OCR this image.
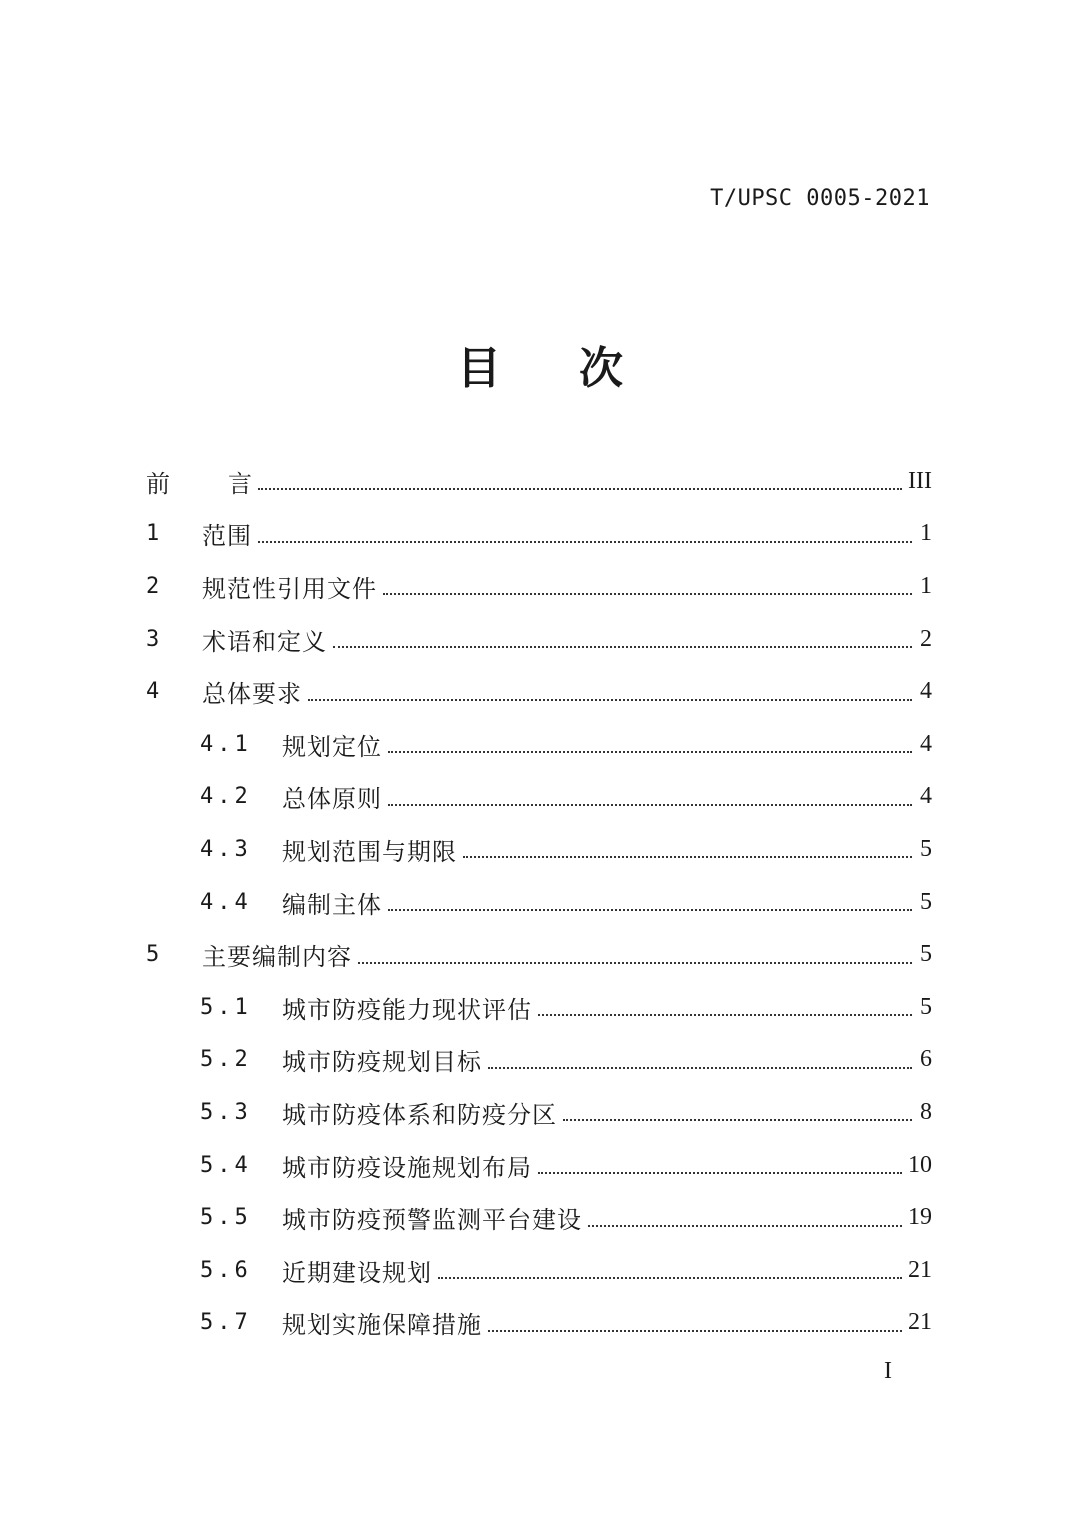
T/UPSC 0005-2021
目次
前言	III
1	范围	1
2	规范性引用文件	1
3	术语和定义	2
4	总体要求	4
4.1	规划定位	4
4.2	总体原则	4
4.3	规划范围与期限	5
4.4	编制主体	5
5	主要编制内容	5
5.1	城市防疫能力现状评估	5
5.2	城市防疫规划目标	6
5.3	城市防疫体系和防疫分区	8
5.4	城市防疫设施规划布局	10
5.5	城市防疫预警监测平台建设	19
5.6	近期建设规划	21
5.7	规划实施保障措施	21
I
